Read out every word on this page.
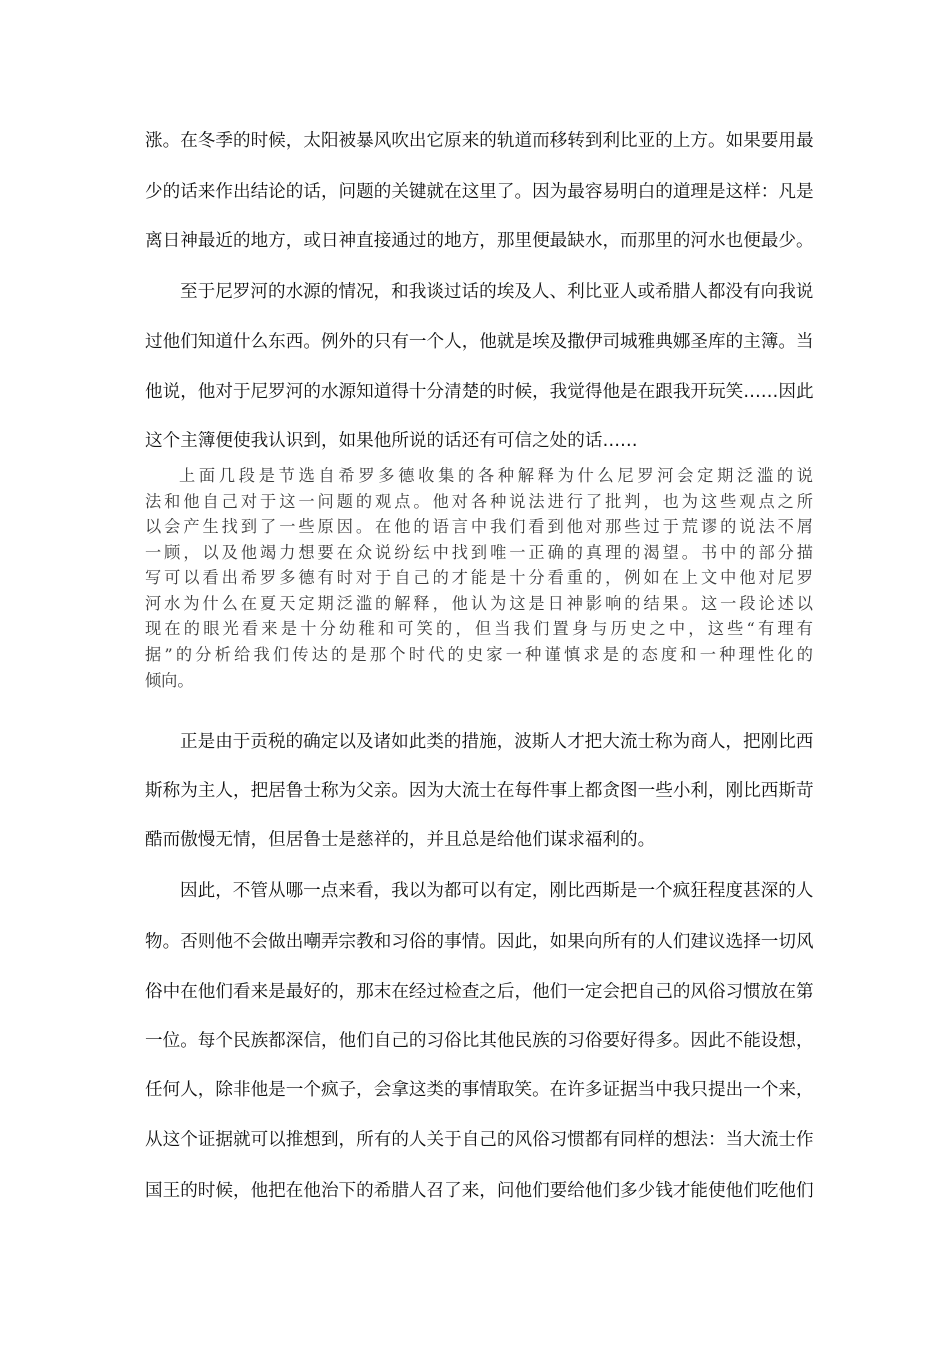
涨。在冬季的时候，太阳被暴风吹出它原来的轨道而移转到利比亚的上方。如果要用最
少的话来作出结论的话，问题的关键就在这里了。因为最容易明白的道理是这样：凡是
离日神最近的地方，或日神直接通过的地方，那里便最缺水，而那里的河水也便最少。
至于尼罗河的水源的情况，和我谈过话的埃及人、利比亚人或希腊人都没有向我说
过他们知道什么东西。例外的只有一个人，他就是埃及撒伊司城雅典娜圣库的主簿。当
他说，他对于尼罗河的水源知道得十分清楚的时候，我觉得他是在跟我开玩笑……因此
这个主簿便使我认识到，如果他所说的话还有可信之处的话……
上面几段是节选自希罗多德收集的各种解释为什么尼罗河会定期泛滥的说
法和他自己对于这一问题的观点。他对各种说法进行了批判，也为这些观点之所
以会产生找到了一些原因。在他的语言中我们看到他对那些过于荒谬的说法不屑
一顾，以及他竭力想要在众说纷纭中找到唯一正确的真理的渴望。书中的部分描
写可以看出希罗多德有时对于自己的才能是十分看重的，例如在上文中他对尼罗
河水为什么在夏天定期泛滥的解释，他认为这是日神影响的结果。这一段论述以
现在的眼光看来是十分幼稚和可笑的，但当我们置身与历史之中，这些“有理有
据”的分析给我们传达的是那个时代的史家一种谨慎求是的态度和一种理性化的
倾向。
正是由于贡税的确定以及诸如此类的措施，波斯人才把大流士称为商人，把刚比西
斯称为主人，把居鲁士称为父亲。因为大流士在每件事上都贪图一些小利，刚比西斯苛
酷而傲慢无情，但居鲁士是慈祥的，并且总是给他们谋求福利的。
因此，不管从哪一点来看，我以为都可以有定，刚比西斯是一个疯狂程度甚深的人
物。否则他不会做出嘲弄宗教和习俗的事情。因此，如果向所有的人们建议选择一切风
俗中在他们看来是最好的，那末在经过检查之后，他们一定会把自己的风俗习惯放在第
一位。每个民族都深信，他们自己的习俗比其他民族的习俗要好得多。因此不能设想，
任何人，除非他是一个疯子，会拿这类的事情取笑。在许多证据当中我只提出一个来，
从这个证据就可以推想到，所有的人关于自己的风俗习惯都有同样的想法：当大流士作
国王的时候，他把在他治下的希腊人召了来，问他们要给他们多少钱才能使他们吃他们
